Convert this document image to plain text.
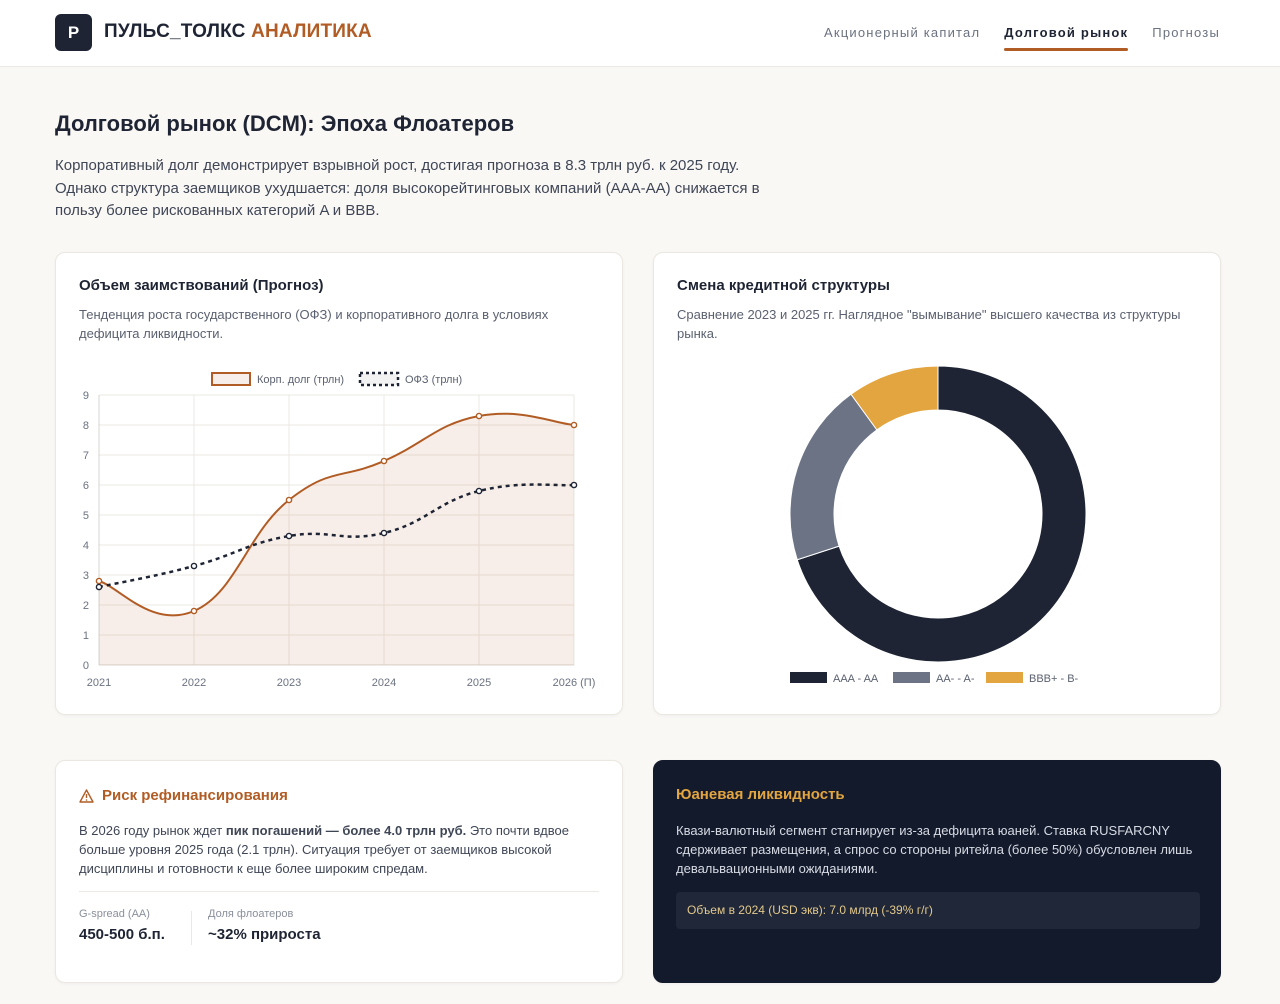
P	ПУЛЬС_ТОЛКС АНАЛИТИКА	Акционерный капитал Долговой рынок Прогнозы
Долговой рынок (DCM): Эпоха Флоатеров

Корпоративный долг демонстрирует взрывной рост, достигая прогноза в 8.3 трлн руб. к 2025 году. Однако структура заемщиков ухудшается: доля высокорейтинговых компаний (AAA-AA) снижается в пользу более рискованных категорий A и BBB.

Объем заимствований (Прогноз)
Тенденция роста государственного (ОФЗ) и корпоративного долга в условиях дефицита ликвидности.
0
1
2
3
4
5
6
7
8
9
2021	2022	2023	2024	2025	2026 (П)
Корп. долг (трлн)	ОФЗ (трлн)
Смена кредитной структуры
Сравнение 2023 и 2025 гг. Наглядное "вымывание" высшего качества из структуры рынка.
AAA - AA	AA- - A-	BBB+ - B-
Риск рефинансирования
В 2026 году рынок ждет пик погашений — более 4.0 трлн руб. Это почти вдвое больше уровня 2025 года (2.1 трлн). Ситуация требует от заемщиков высокой дисциплины и готовности к еще более широким спредам.
G-spread (AA)
450-500 б.п.
Доля флоатеров
~32% прироста
Юаневая ликвидность
Квази-валютный сегмент стагнирует из-за дефицита юаней. Ставка RUSFARCNY сдерживает размещения, а спрос со стороны ритейла (более 50%) обусловлен лишь девальвационными ожиданиями.
Объем в 2024 (USD экв): 7.0 млрд (-39% г/г)
